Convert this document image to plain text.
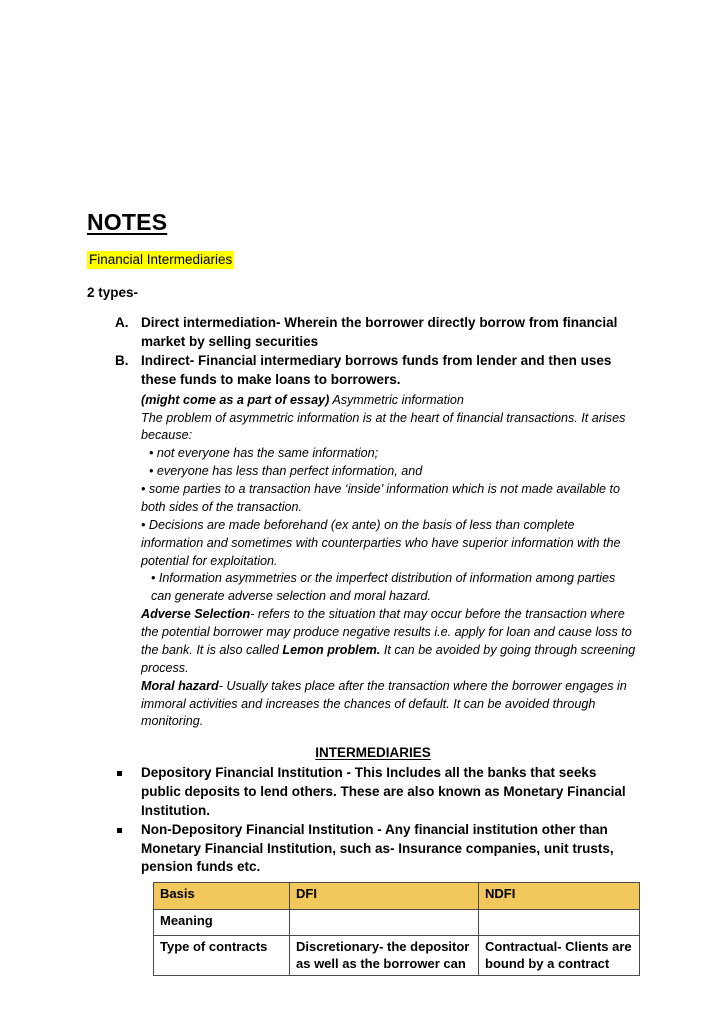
NOTES
Financial Intermediaries

2 types-

A. Direct intermediation- Wherein the borrower directly borrow from financial market by selling securities
B. Indirect- Financial intermediary borrows funds from lender and then uses these funds to make loans to borrowers.

(might come as a part of essay) Asymmetric information

The problem of asymmetric information is at the heart of financial transactions. It arises because:

• not everyone has the same information;

• everyone has less than perfect information, and

• some parties to a transaction have ‘inside’ information which is not made available to both sides of the transaction.

• Decisions are made beforehand (ex ante) on the basis of less than complete information and sometimes with counterparties who have superior information with the potential for exploitation.

• Information asymmetries or the imperfect distribution of information among parties can generate adverse selection and moral hazard.

Adverse Selection- refers to the situation that may occur before the transaction where the potential borrower may produce negative results i.e. apply for loan and cause loss to the bank. It is also called Lemon problem. It can be avoided by going through screening process.

Moral hazard- Usually takes place after the transaction where the borrower engages in immoral activities and increases the chances of default. It can be avoided through monitoring.

INTERMEDIARIES
Depository Financial Institution - This Includes all the banks that seeks public deposits to lend others. These are also known as Monetary Financial Institution.
Non-Depository Financial Institution - Any financial institution other than Monetary Financial Institution, such as- Insurance companies, unit trusts, pension funds etc.
Basis	DFI	NDFI
Meaning		
Type of contracts	Discretionary- the depositor as well as the borrower can	Contractual- Clients are bound by a contract
